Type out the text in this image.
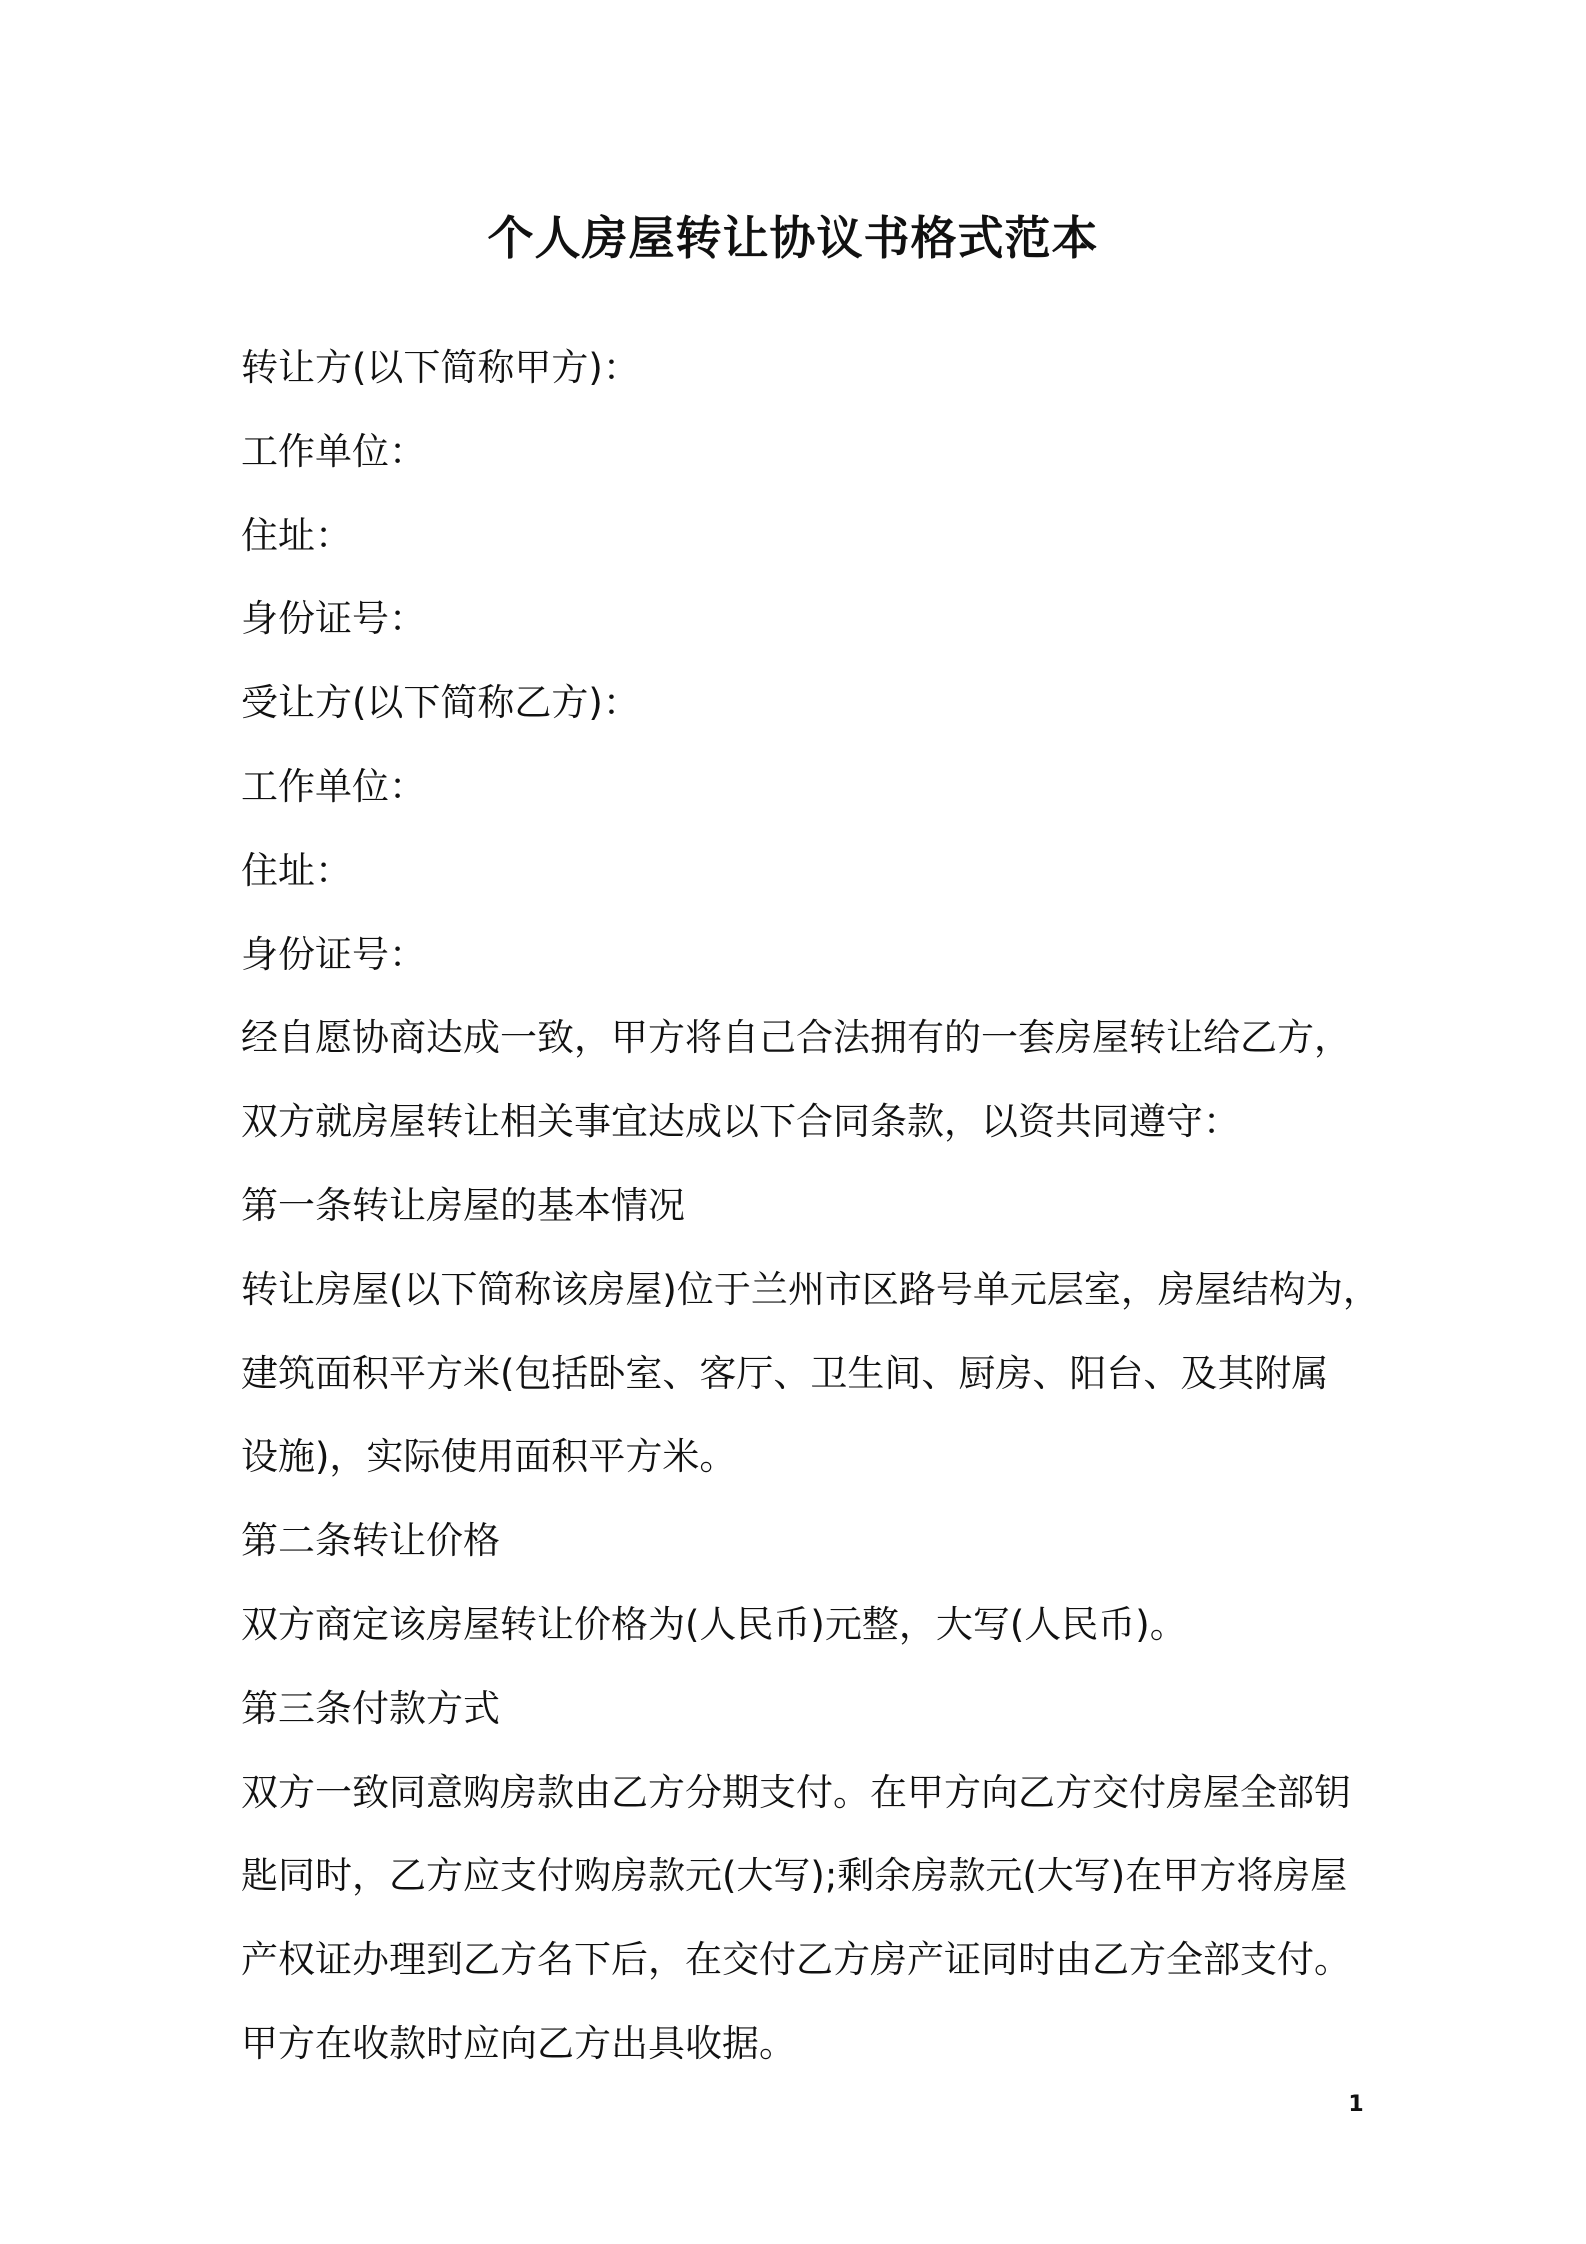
个人房屋转让协议书格式范本

转让方(以下简称甲方)：

工作单位：

住址：

身份证号：

受让方(以下简称乙方)：

工作单位：

住址：

身份证号：

经自愿协商达成一致，甲方将自己合法拥有的一套房屋转让给乙方，

双方就房屋转让相关事宜达成以下合同条款，以资共同遵守：

第一条转让房屋的基本情况

转让房屋(以下简称该房屋)位于兰州市区路号单元层室，房屋结构为，

建筑面积平方米(包括卧室、客厅、卫生间、厨房、阳台、及其附属

设施)，实际使用面积平方米。

第二条转让价格

双方商定该房屋转让价格为(人民币)元整，大写(人民币)。

第三条付款方式

双方一致同意购房款由乙方分期支付。在甲方向乙方交付房屋全部钥

匙同时，乙方应支付购房款元(大写);剩余房款元(大写)在甲方将房屋

产权证办理到乙方名下后，在交付乙方房产证同时由乙方全部支付。

甲方在收款时应向乙方出具收据。

1
